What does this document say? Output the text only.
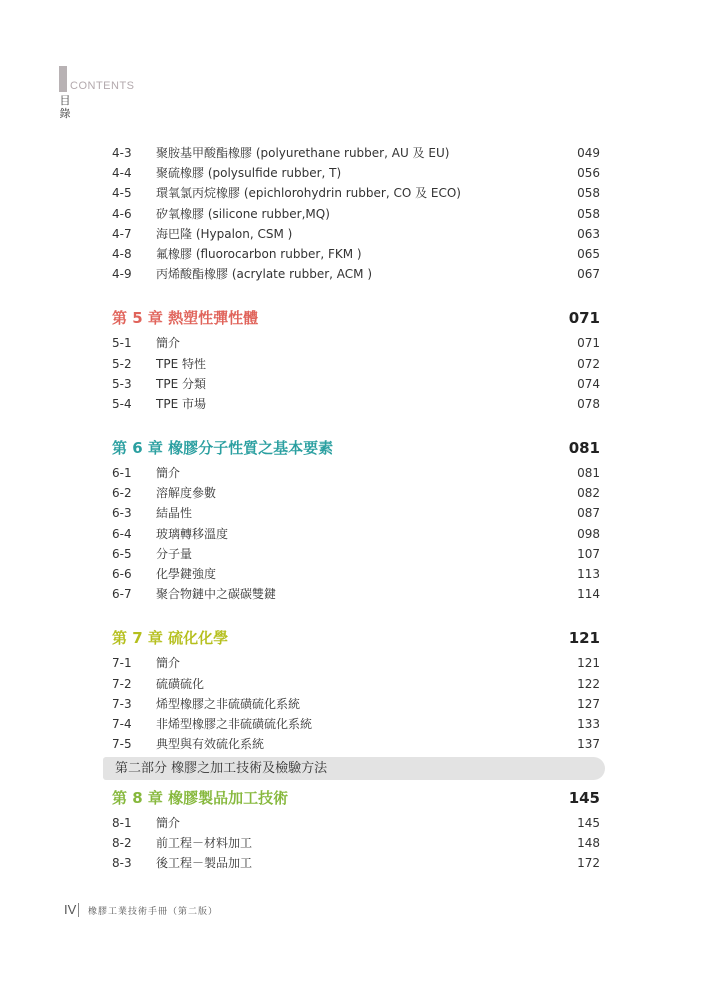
CONTENTS
目錄
4-3 聚胺基甲酸酯橡膠 (polyurethane rubber, AU 及 EU)	049
4-4 聚硫橡膠 (polysulfide rubber, T)	056
4-5 環氧氯丙烷橡膠 (epichlorohydrin rubber, CO 及 ECO)	058
4-6 矽氧橡膠 (silicone rubber,MQ)	058
4-7 海巴隆 (Hypalon, CSM )	063
4-8 氟橡膠 (fluorocarbon rubber, FKM )	065
4-9 丙烯酸酯橡膠 (acrylate rubber, ACM )	067
第 5 章 熱塑性彈性體	071
5-1 簡介	071
5-2 TPE 特性	072
5-3 TPE 分類	074
5-4 TPE 市場	078
第 6 章 橡膠分子性質之基本要素	081
6-1 簡介	081
6-2 溶解度參數	082
6-3 結晶性	087
6-4 玻璃轉移溫度	098
6-5 分子量	107
6-6 化學鍵強度	113
6-7 聚合物鏈中之碳碳雙鍵	114
第 7 章 硫化化學	121
7-1 簡介	121
7-2 硫磺硫化	122
7-3 烯型橡膠之非硫磺硫化系統	127
7-4 非烯型橡膠之非硫磺硫化系統	133
7-5 典型與有效硫化系統	137
第二部分 橡膠之加工技術及檢驗方法
第 8 章 橡膠製品加工技術	145
8-1 簡介	145
8-2 前工程－材料加工	148
8-3 後工程－製品加工	172
IV 橡膠工業技術手冊（第二版）
